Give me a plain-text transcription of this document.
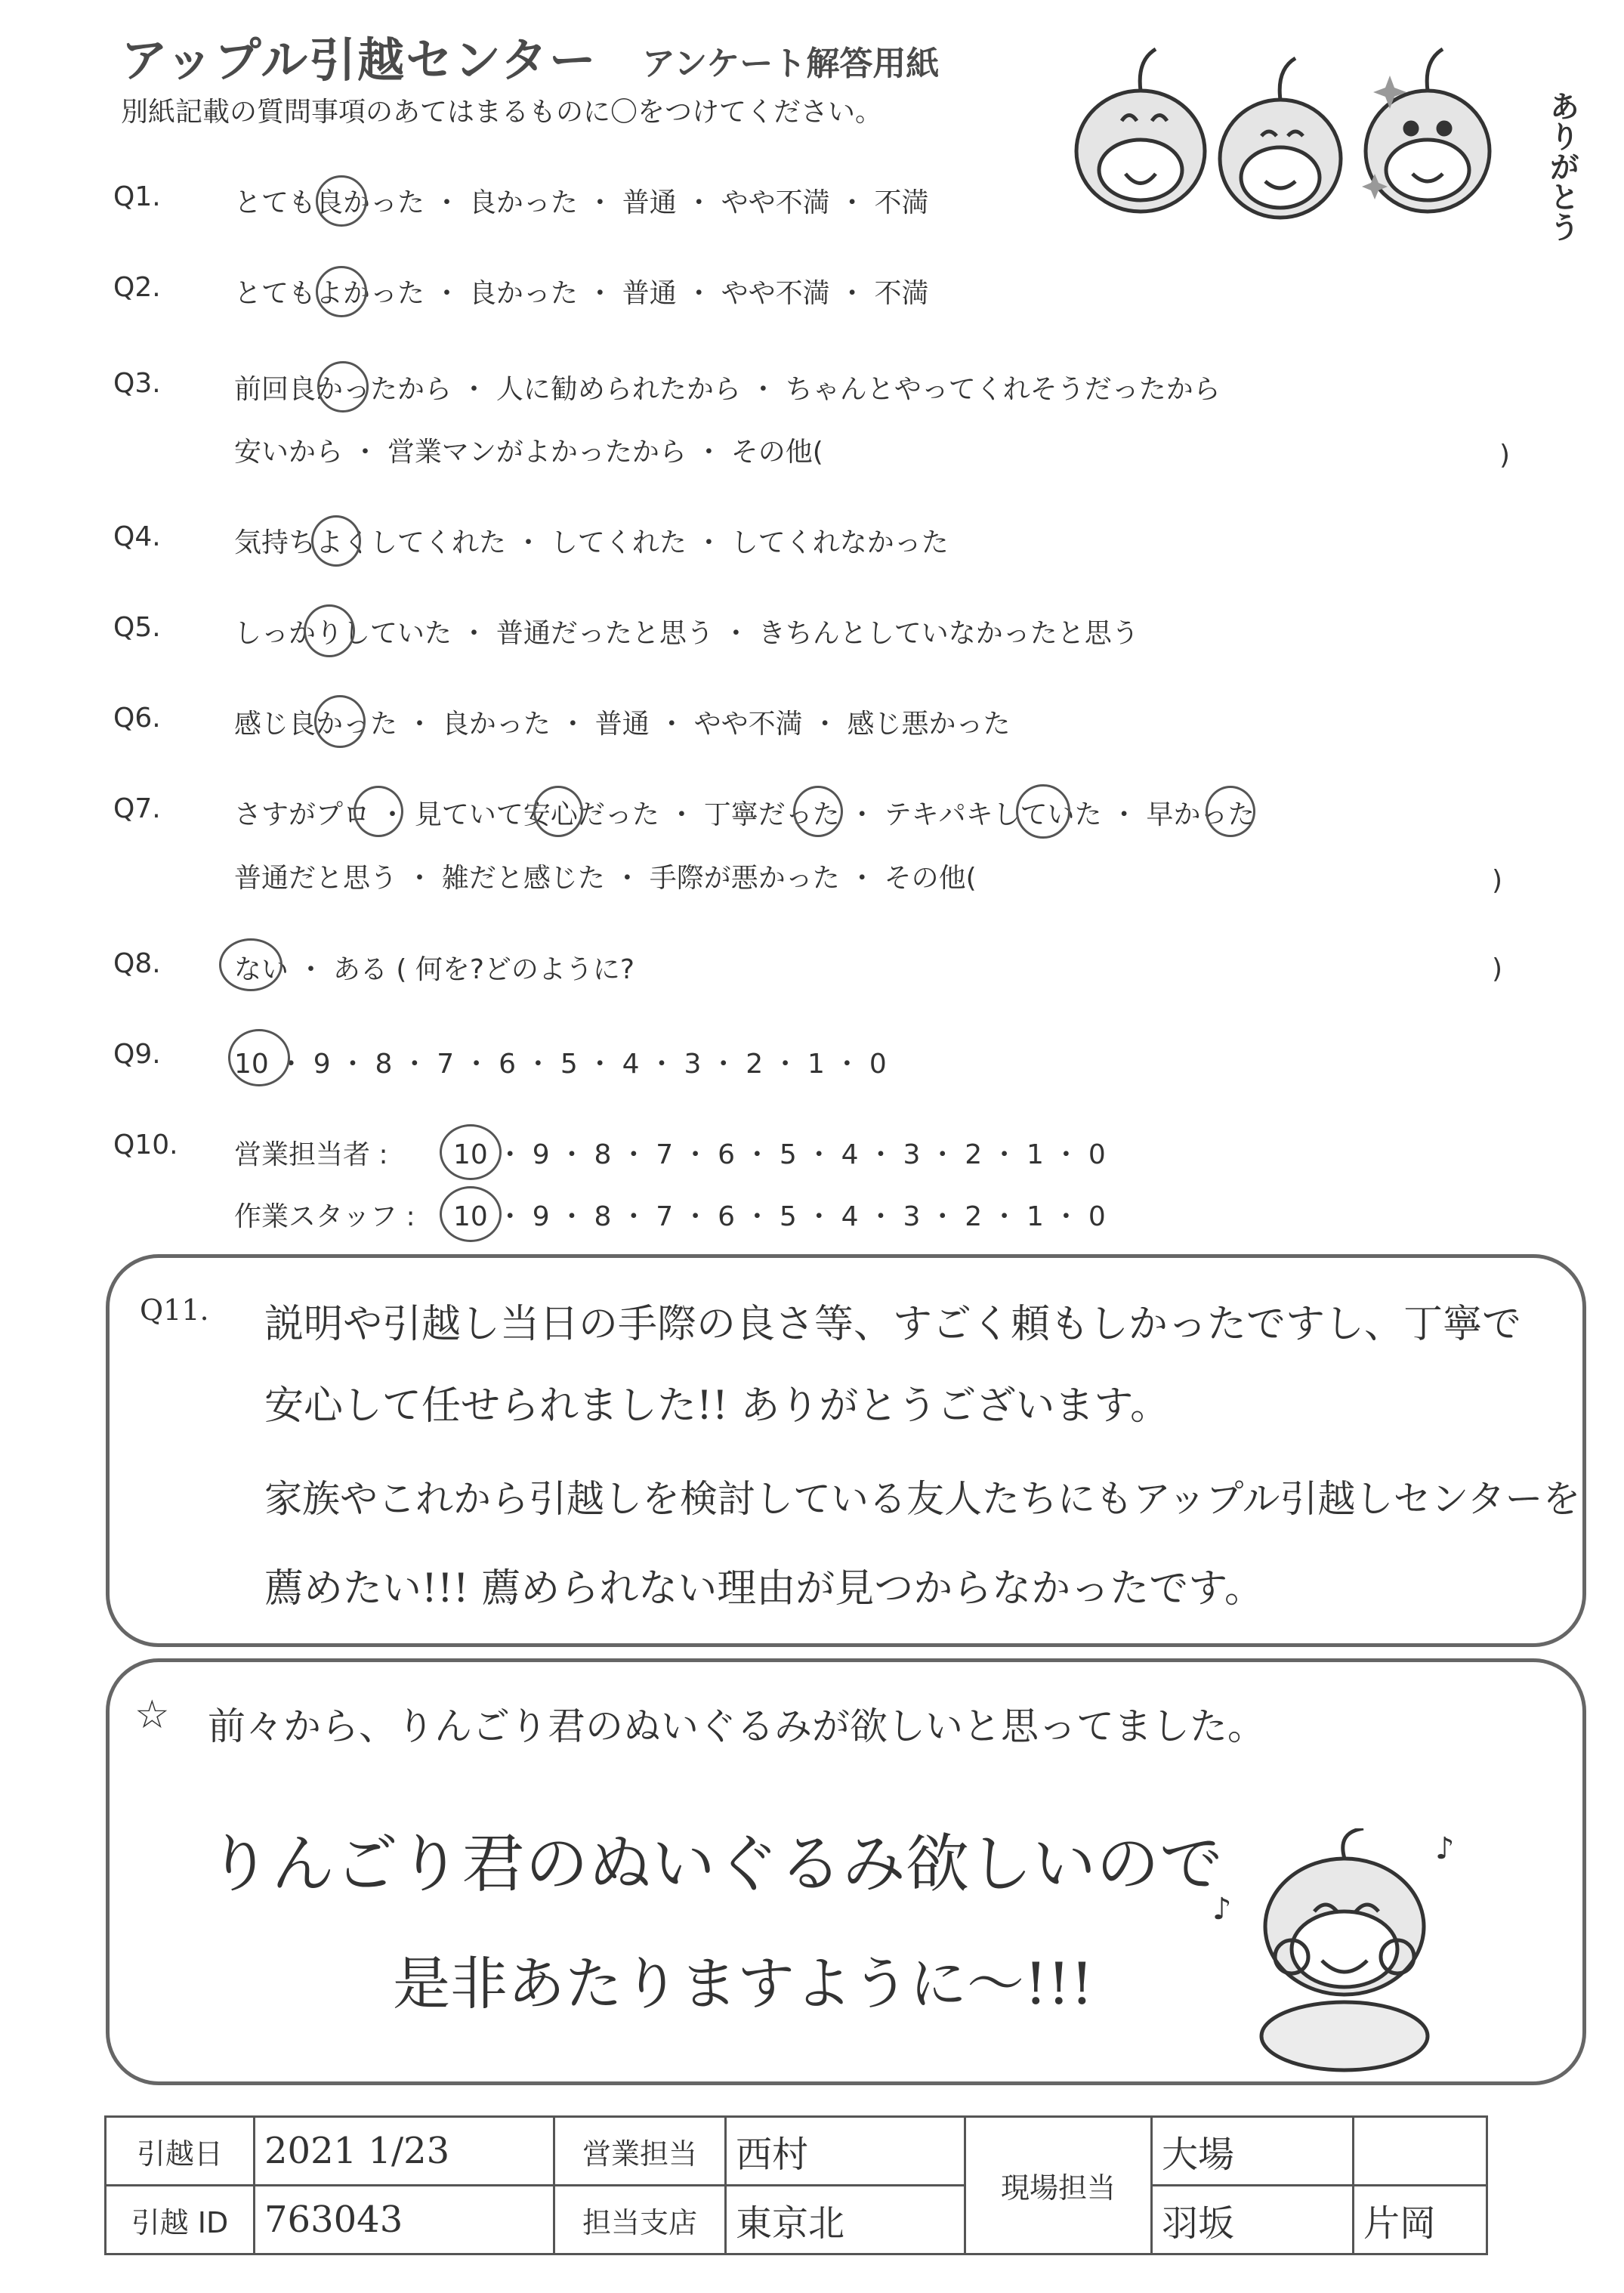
アップル引越センター アンケート解答用紙
別紙記載の質問事項のあてはまるものに〇をつけてください。	ありがとう
Q1.	とても良かった ・ 良かった ・ 普通 ・ やや不満 ・ 不満
Q2.	とてもよかった ・ 良かった ・ 普通 ・ やや不満 ・ 不満
Q3.	前回良かったから ・ 人に勧められたから ・ ちゃんとやってくれそうだったから
安いから ・ 営業マンがよかったから ・ その他(	)
Q4.	気持ちよくしてくれた ・ してくれた ・ してくれなかった
Q5.	しっかりしていた ・ 普通だったと思う ・ きちんとしていなかったと思う
Q6.	感じ良かった ・ 良かった ・ 普通 ・ やや不満 ・ 感じ悪かった
Q7.	さすがプロ ・ 見ていて安心だった ・ 丁寧だった ・ テキパキしていた ・ 早かった
普通だと思う ・ 雑だと感じた ・ 手際が悪かった ・ その他(	)
Q8.	ない ・ ある ( 何を?どのように?	)
Q9.	10 ・ 9 ・ 8 ・ 7 ・ 6 ・ 5 ・ 4 ・ 3 ・ 2 ・ 1 ・ 0
Q10. 営業担当者 : 10 ・ 9 ・ 8 ・ 7 ・ 6 ・ 5 ・ 4 ・ 3 ・ 2 ・ 1 ・ 0
作業スタッフ : 10 ・ 9 ・ 8 ・ 7 ・ 6 ・ 5 ・ 4 ・ 3 ・ 2 ・ 1 ・ 0
Q11. 説明や引越し当日の手際の良さ等、すごく頼もしかったですし、丁寧で
安心して任せられました!! ありがとうございます。
家族やこれから引越しを検討している友人たちにもアップル引越しセンターを
薦めたい!!! 薦められない理由が見つからなかったです。
☆ 前々から、りんごり君のぬいぐるみが欲しいと思ってました。
りんごり君のぬいぐるみ欲しいので
是非あたりますように〜!!!
♪
♪
引越日	2021 1/23	営業担当	西村	現場担当	大場	
引越 ID	763043	担当支店	東京北		羽坂	片岡
